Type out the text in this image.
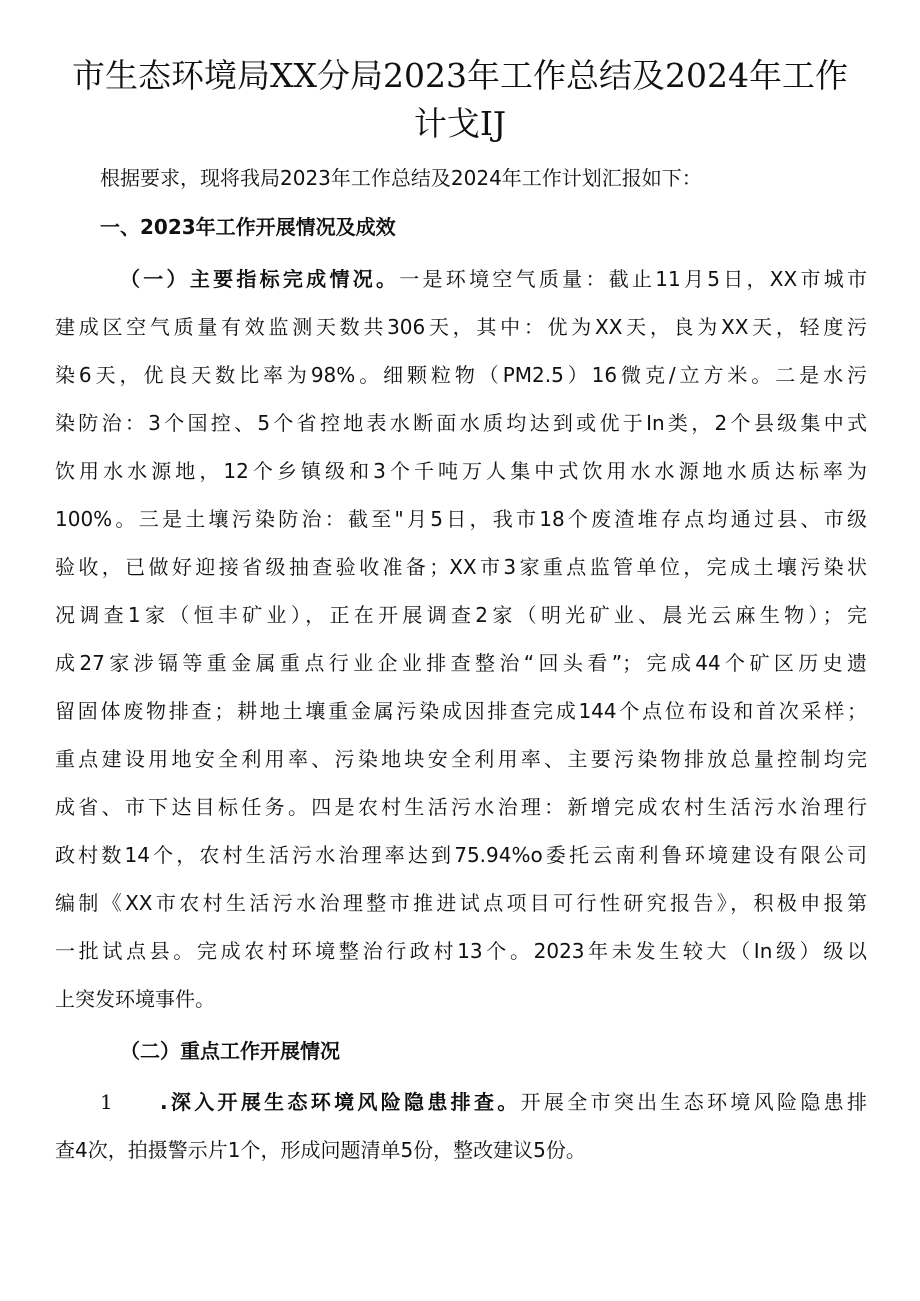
市生态环境局XX分局2023年工作总结及2024年工作
计戈IJ
根据要求，现将我局2023年工作总结及2024年工作计划汇报如下：
一、2023年工作开展情况及成效
（一）主要指标完成情况。一是环境空气质量：截止11月5日，XX市城市
建成区空气质量有效监测天数共306天，其中：优为XX天，良为XX天，轻度污
染6天，优良天数比率为98%。细颗粒物（PM2.5）16微克/立方米。二是水污
染防治：3个国控、5个省控地表水断面水质均达到或优于In类，2个县级集中式
饮用水水源地，12个乡镇级和3个千吨万人集中式饮用水水源地水质达标率为
100%。三是土壤污染防治：截至"月5日，我市18个废渣堆存点均通过县、市级
验收，已做好迎接省级抽查验收准备；XX市3家重点监管单位，完成土壤污染状
况调查1家（恒丰矿业），正在开展调查2家（明光矿业、晨光云麻生物）；完
成27家涉镉等重金属重点行业企业排查整治“回头看”；完成44个矿区历史遗
留固体废物排查；耕地土壤重金属污染成因排查完成144个点位布设和首次采样；
重点建设用地安全利用率、污染地块安全利用率、主要污染物排放总量控制均完
成省、市下达目标任务。四是农村生活污水治理：新增完成农村生活污水治理行
政村数14个，农村生活污水治理率达到75.94%o委托云南利鲁环境建设有限公司
编制《XX市农村生活污水治理整市推进试点项目可行性研究报告》，积极申报第
一批试点县。完成农村环境整治行政村13个。2023年未发生较大（In级）级以
上突发环境事件。
（二）重点工作开展情况
1 .深入开展生态环境风险隐患排查。开展全市突出生态环境风险隐患排
查4次，拍摄警示片1个，形成问题清单5份，整改建议5份。
